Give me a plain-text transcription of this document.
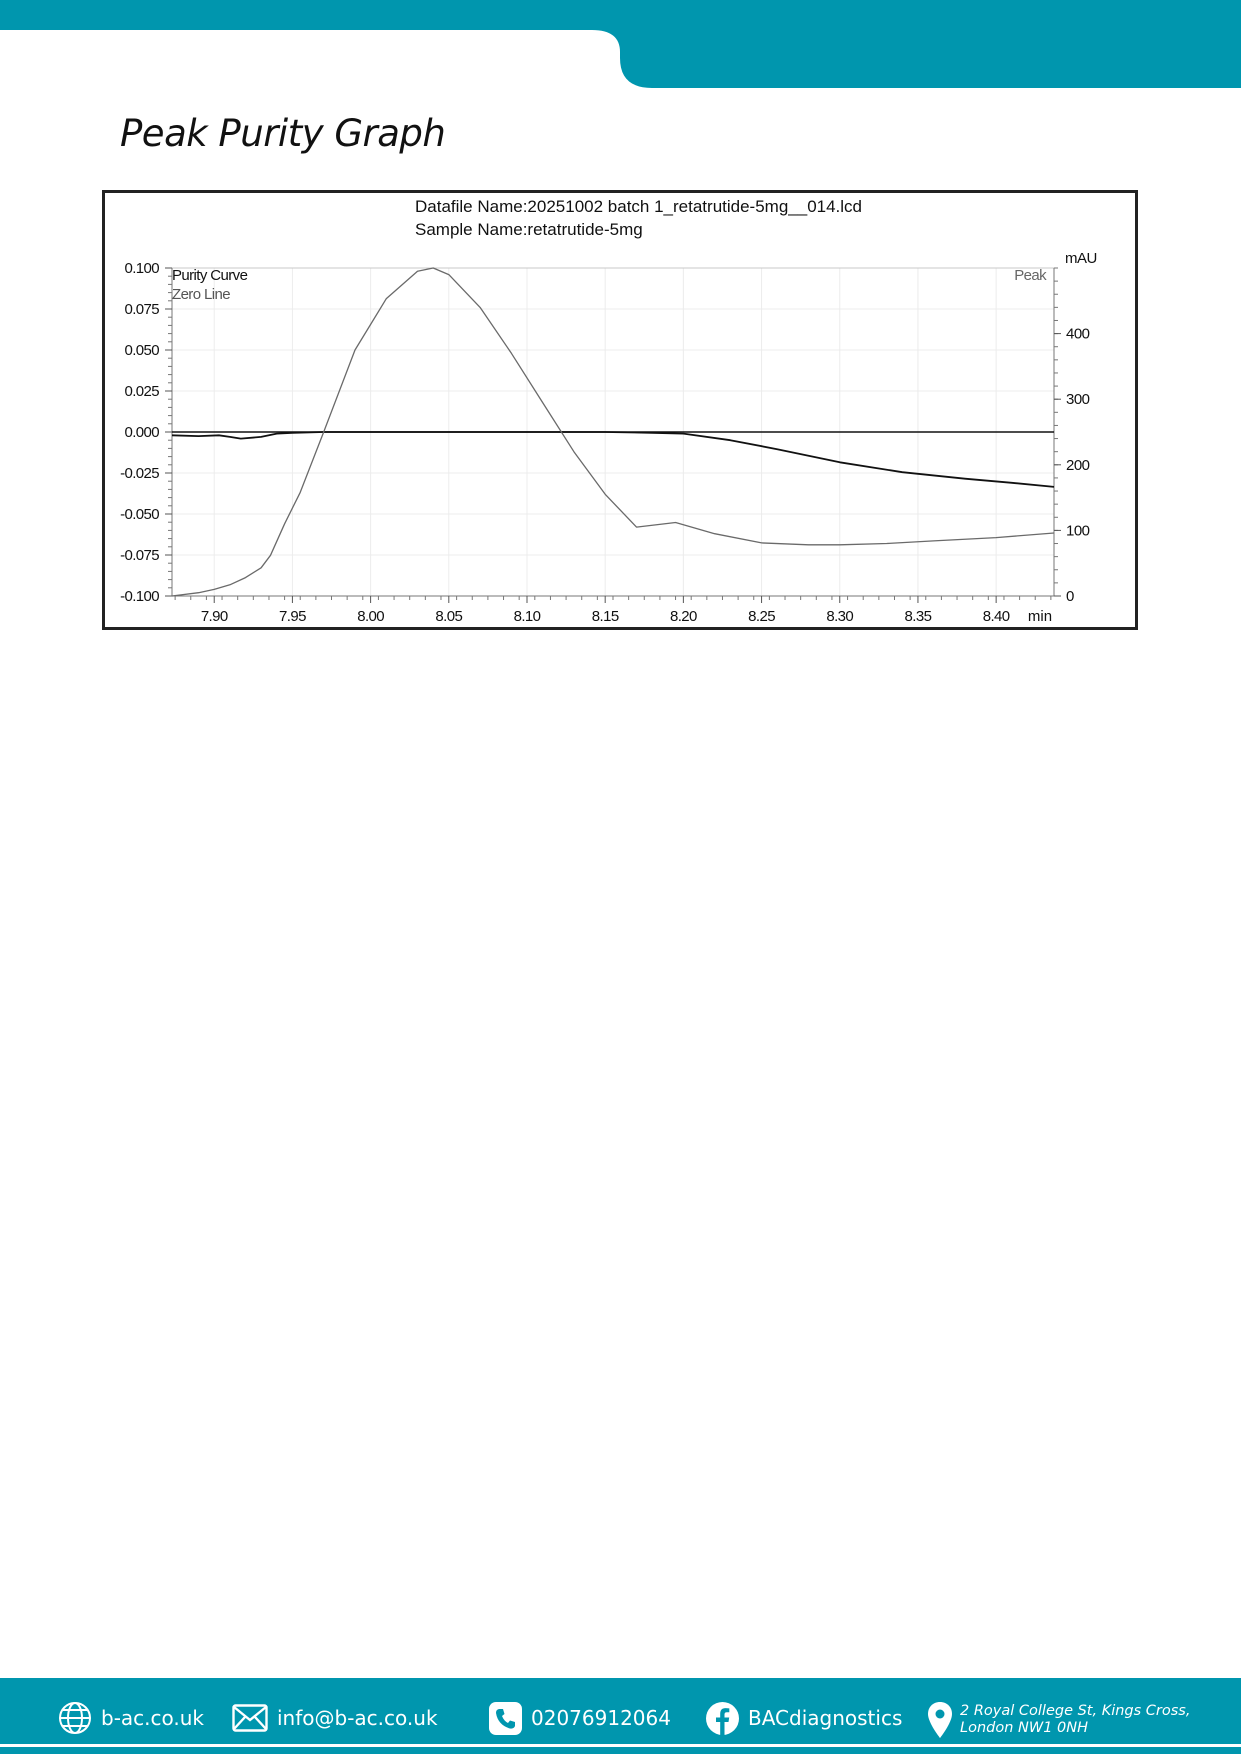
Peak Purity Graph
0.100
0.075
0.050
0.025
0.000
-0.025
-0.050
-0.075
-0.100
400
300
200
100
0
7.90	7.95	8.00	8.05	8.10	8.15	8.20	8.25	8.30	8.35	8.40
Datafile Name:20251002 batch 1_retatrutide-5mg__014.lcd
Sample Name:retatrutide-5mg
Purity Curve
Zero Line
Peak
mAU
min
b-ac.co.uk	info@b-ac.co.uk	02076912064	BACdiagnostics	2 Royal College St, Kings Cross,
London NW1 0NH
